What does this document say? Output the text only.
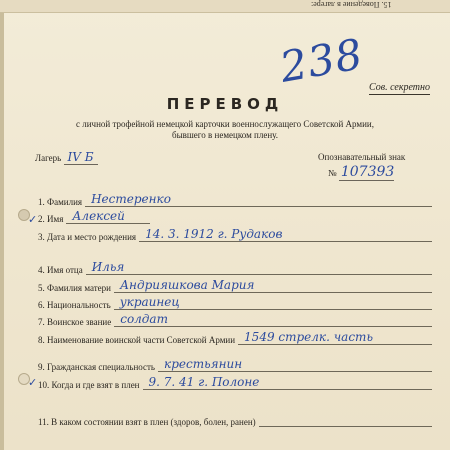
15. Поведение в лагере:
238 Сов. секретно
ПЕРЕВОД
с личной трофейной немецкой карточки военнослужащего Советской Армии, бывшего в немецком плену.
Лагерь IV Б	Опознавательный знак
№ 107393
✓
✓
1. Фамилия Нестеренко
2. Имя Алексей
3. Дата и место рождения 14. 3. 1912 г. Рудаков
4. Имя отца Илья
5. Фамилия матери Андрияшкова Мария
6. Национальность украинец
7. Воинское звание солдат
8. Наименование воинской части Советской Армии 1549 стрелк. часть
9. Гражданская специальность крестьянин
10. Когда и где взят в плен 9. 7. 41 г. Полоне
11. В каком состоянии взят в плен (здоров, болен, ранен)
